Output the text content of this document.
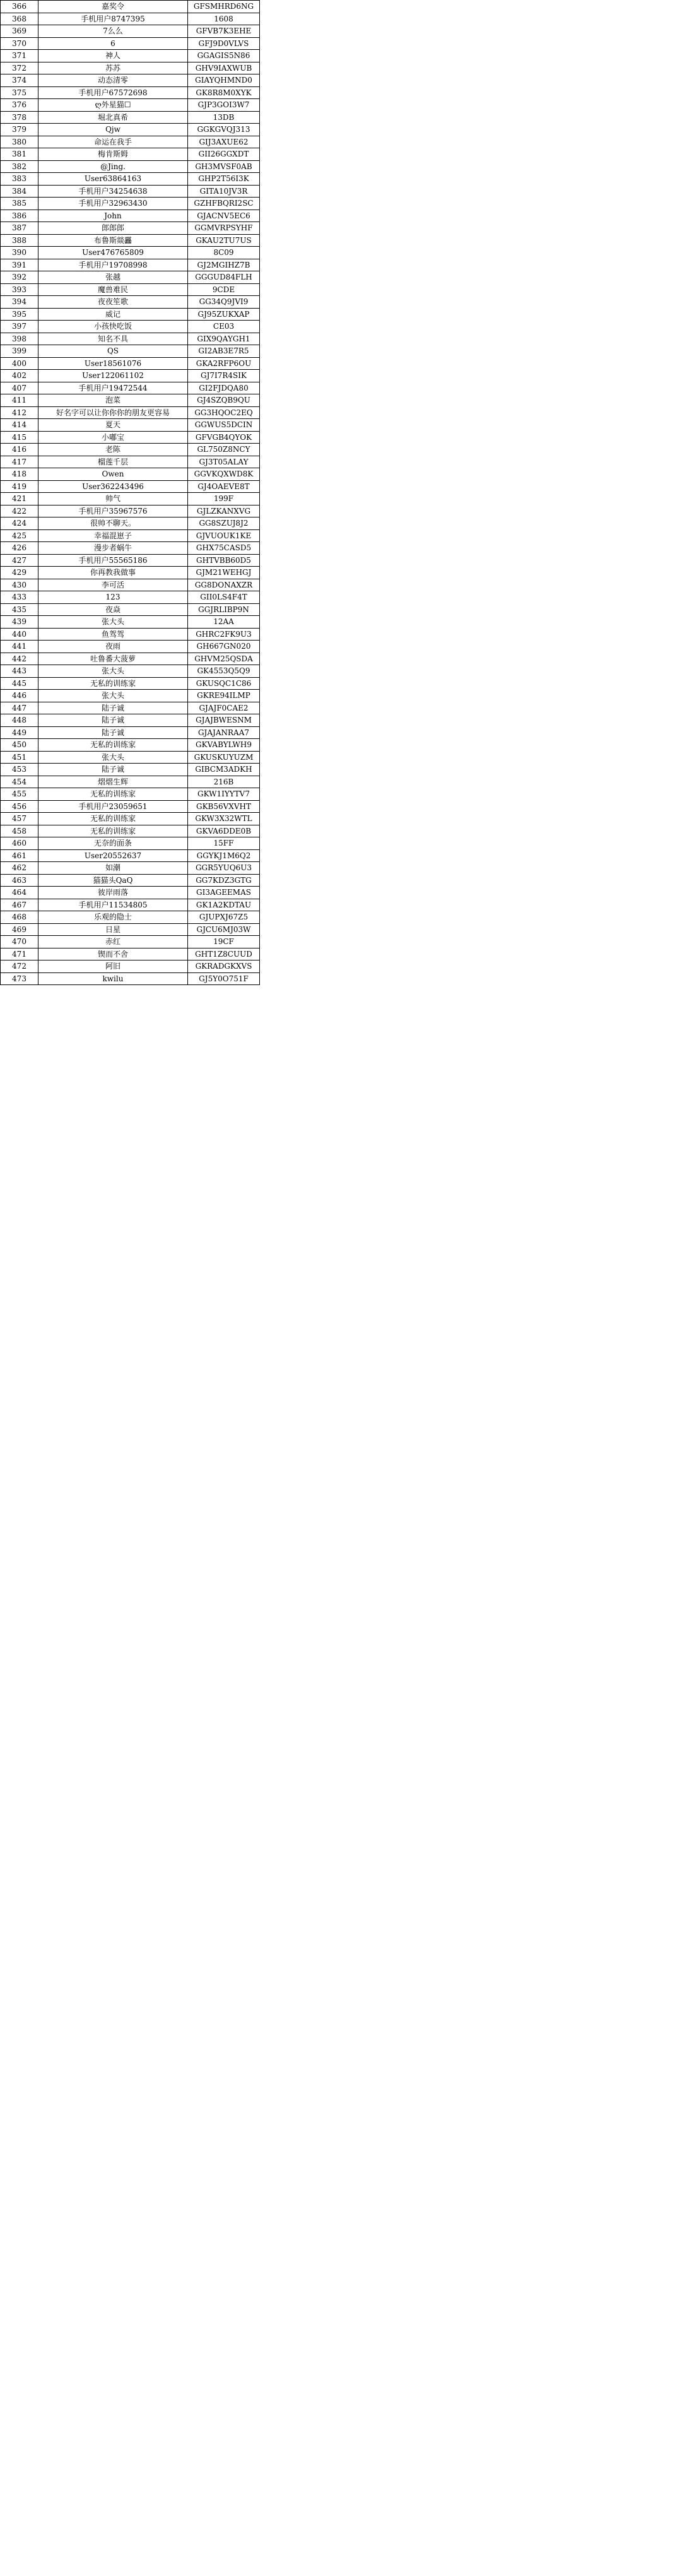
366	嘉奖令	GFSMHRD6NG
368	手机用户8747395	1608
369	7么么	GFVB7K3EHE
370	6	GFJ9D0VLVS
371	神人	GGAGIS5N86
372	苏苏	GHV9IAXWUB
374	动态清零	GIAYQHMND0
375	手机用户67572698	GK8R8M0XYK
376	ღ外星猫☐	GJP3GOI3W7
378	堀北真希	13DB
379	Qjw	GGKGVQJ313
380	命运在我手	GIJ3AXUE62
381	梅肯斯姆	GII26GGXDT
382	@Jing.	GH3MVSF0AB
383	User63864163	GHP2T56I3K
384	手机用户34254638	GITA10JV3R
385	手机用户32963430	GZHFBQRI2SC
386	John	GJACNV5EC6
387	郎郎郎	GGMVRPSYHF
388	布鲁斯燚靐	GKAU2TU7US
390	User476765809	8C09
391	手机用户19708998	GJ2MGIHZ7B
392	张越	GGGUD84FLH
393	魔兽难民	9CDE
394	夜夜笙歌	GG34Q9JVI9
395	威记	GJ95ZUKXAP
397	小孩快吃饭	CE03
398	知名不具	GIX9QAYGH1
399	QS	GI2AB3E7R5
400	User18561076	GKA2RFP6OU
402	User122061102	GJ7I7R4SIK
407	手机用户19472544	GI2FJDQA80
411	泡菜	GJ4SZQB9QU
412	好名字可以让你你你的朋友更容易	GG3HQOC2EQ
414	夏天	GGWUS5DCIN
415	小嘟宝	GFVGB4QYOK
416	老陈	GL750Z8NCY
417	榴莲千层	GJ3T05ALAY
418	Owen	GGVKQXWD8K
419	User362243496	GJ4OAEVE8T
421	帅气	199F
422	手机用户35967576	GJLZKANXVG
424	很帅不聊天。	GG8SZUJ8J2
425	幸福混崽子	GJVUOUK1KE
426	漫步者蜗牛	GHX75CASD5
427	手机用户55565186	GHTVBB60D5
429	你再教我做事	GJM21WEHGJ
430	李可活	GG8DONAXZR
433	123	GII0LS4F4T
435	夜焱	GGJRLIBP9N
439	张大头	12AA
440	鱼驾驾	GHRC2FK9U3
441	夜雨	GH667GN020
442	吐鲁番大菠萝	GHVM25QSDA
443	张大头	GK4553Q5Q9
445	无私的训练家	GKUSQC1C86
446	张大头	GKRE94ILMP
447	陆子诚	GJAJF0CAE2
448	陆子诚	GJAJBWESNM
449	陆子诚	GJAJANRAA7
450	无私的训练家	GKVABYLWH9
451	张大头	GKUSKUYUZM
453	陆子诚	GIBCM3ADKH
454	熠熠生辉	216B
455	无私的训练家	GKW1IYYTV7
456	手机用户23059651	GKB56VXVHT
457	无私的训练家	GKW3X32WTL
458	无私的训练家	GKVA6DDE0B
460	无奈的面条	15FF
461	User20552637	GGYKJ1M6Q2
462	如潮	GGR5YUQ6U3
463	猫猫头QaQ	GG7KDZ3GTG
464	彼岸雨落	GI3AGEEMAS
467	手机用户11534805	GK1A2KDTAU
468	乐观的隐士	GJUPXJ67Z5
469	日星	GJCU6MJ03W
470	赤红	19CF
471	锲而不舍	GHT1Z8CUUD
472	阿旧	GKRADGKXVS
473	kwilu	GJ5Y0O751F
